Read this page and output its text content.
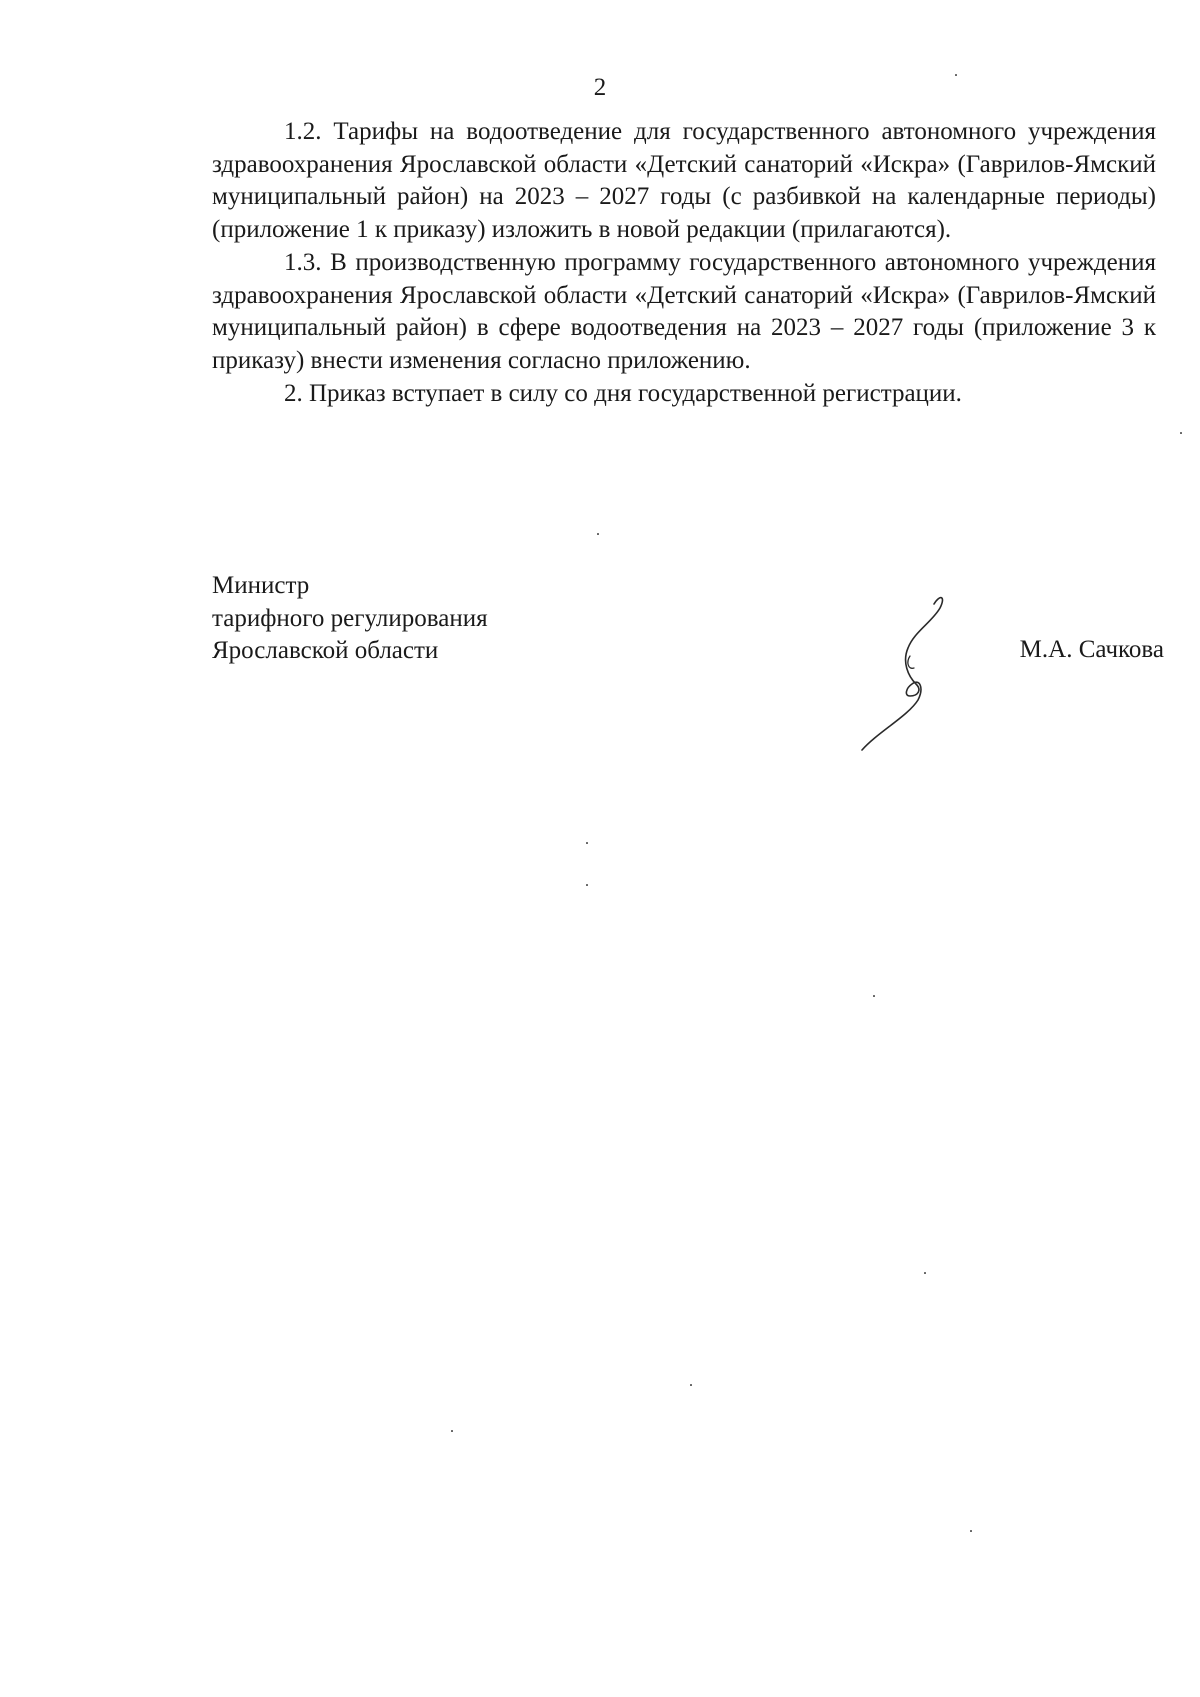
2

1.2. Тарифы на водоотведение для государственного автономного учреждения здравоохранения Ярославской области «Детский санаторий «Искра» (Гаврилов-Ямский муниципальный район) на 2023 – 2027 годы (с разбивкой на календарные периоды) (приложение 1 к приказу) изложить в новой редакции (прилагаются).

1.3. В производственную программу государственного автономного учреждения здравоохранения Ярославской области «Детский санаторий «Искра» (Гаврилов-Ямский муниципальный район) в сфере водоотведения на 2023 – 2027 годы (приложение 3 к приказу) внести изменения согласно приложению.

2. Приказ вступает в силу со дня государственной регистрации.

Министр
тарифного регулирования
Ярославской области	М.А. Сачкова
